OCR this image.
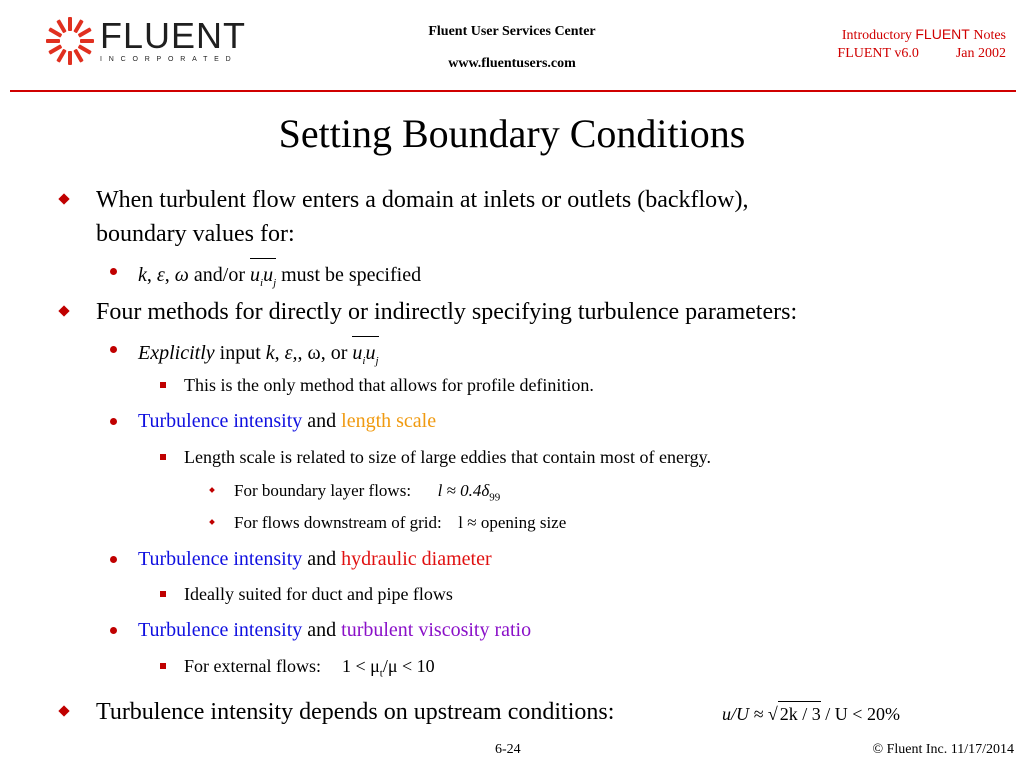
FLUENT
INCORPORATED
Fluent User Services Center
www.fluentusers.com
Introductory FLUENT Notes
FLUENT v6.0	Jan 2002
Setting Boundary Conditions
When turbulent flow enters a domain at inlets or outlets (backflow),
boundary values for:
k, ε, ω and/or $u_iu_j$ must be specified
Four methods for directly or indirectly specifying turbulence parameters:
Explicitly input k, ε,, ω, or $u_iu_j$
This is the only method that allows for profile definition.
Turbulence intensity and length scale
Length scale is related to size of large eddies that contain most of energy.
For boundary layer flows: $l \approx 0.4\delta_{99}$
For flows downstream of grid: l ≈ opening size
Turbulence intensity and hydraulic diameter
Ideally suited for duct and pipe flows
Turbulence intensity and turbulent viscosity ratio
For external flows: $1 < \mu_t/\mu < 10$
Turbulence intensity depends on upstream conditions:	u/U ≈ √ 2k / 3 / U < 20%
6-24	© Fluent Inc. 11/17/2014
